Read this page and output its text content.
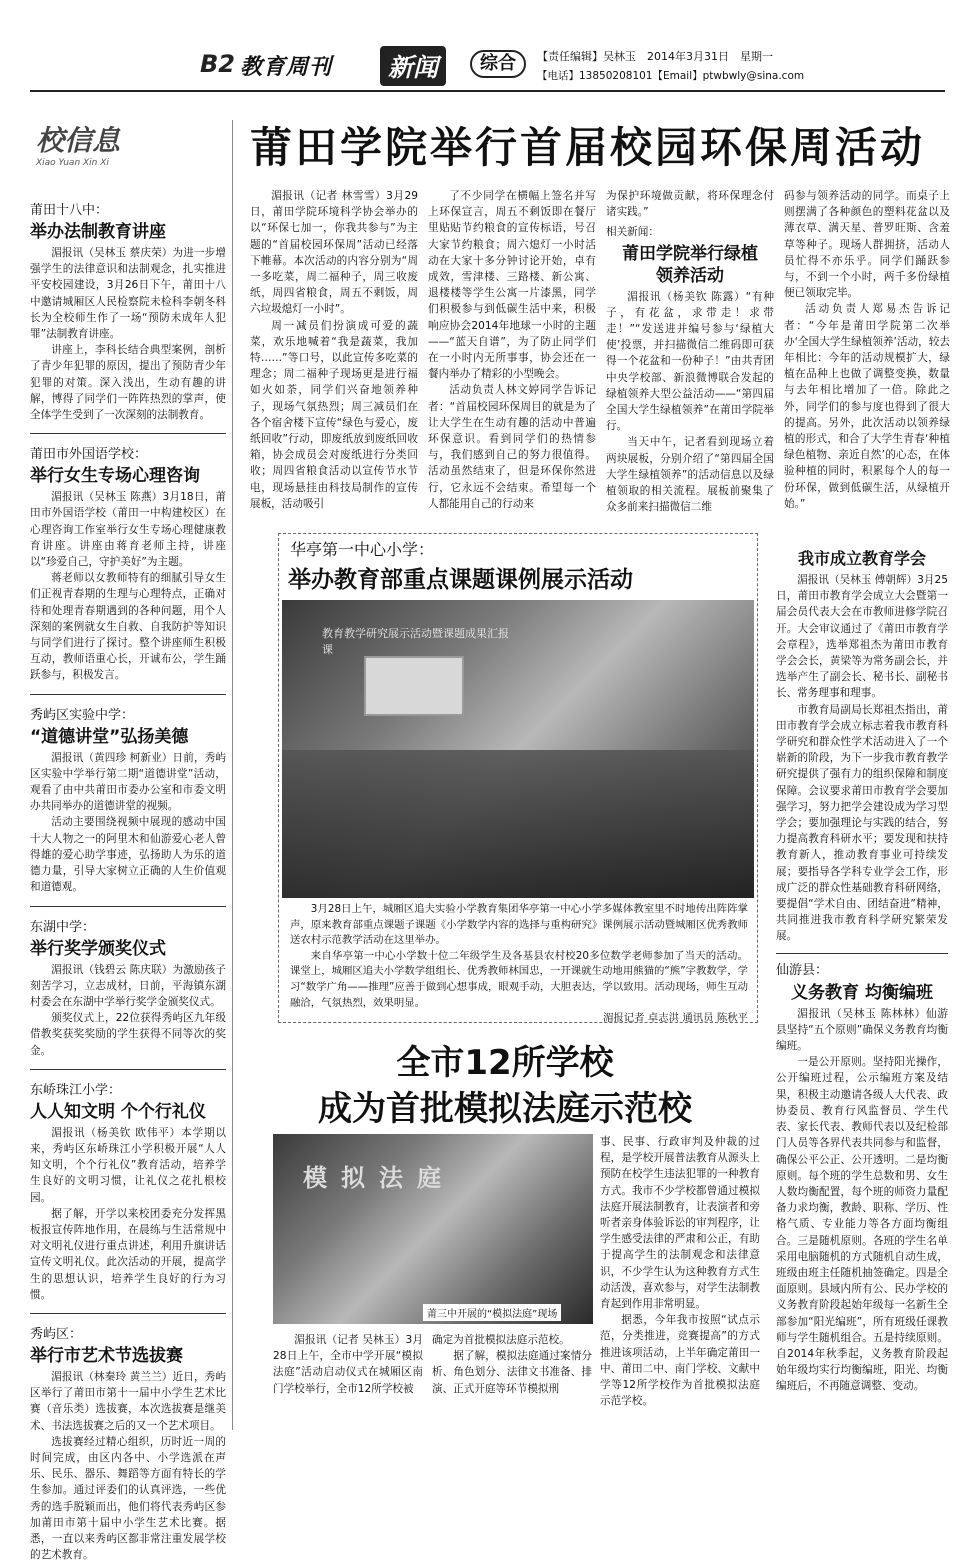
B2 教育周刊	新闻	综合	【责任编辑】吴林玉　2014年3月31日　星期一
【电话】13850208101【Email】ptwbwly@sina.com
校信息
Xiao Yuan Xin Xi
莆田十八中：
举办法制教育讲座

湄报讯（吴林玉 蔡庆荣）为进一步增强学生的法律意识和法制观念，扎实推进平安校园建设，3月26日下午，莆田十八中邀请城厢区人民检察院未检科李朝冬科长为全校师生作了一场“预防未成年人犯罪”法制教育讲座。

讲座上，李科长结合典型案例，剖析了青少年犯罪的原因，提出了预防青少年犯罪的对策。深入浅出，生动有趣的讲解，博得了同学们一阵阵热烈的掌声，使全体学生受到了一次深刻的法制教育。

莆田市外国语学校：
举行女生专场心理咨询

湄报讯（吴林玉 陈燕）3月18日，莆田市外国语学校（莆田一中构建校区）在心理咨询工作室举行女生专场心理健康教育讲座。讲座由蒋育老师主持，讲座以“珍爱自己，守护美好”为主题。

蒋老师以女教师特有的细腻引导女生们正视青春期的生理与心理特点，正确对待和处理青春期遇到的各种问题，用个人深刻的案例就女生自救、自我防护等知识与同学们进行了探讨。整个讲座师生积极互动，教师语重心长，开诚布公，学生踊跃参与，积极发言。

秀屿区实验中学：
“道德讲堂”弘扬美德

湄报讯（黄四珍 柯新业）日前，秀屿区实验中学举行第二期“道德讲堂”活动，观看了由中共莆田市委办公室和市委文明办共同举办的道德讲堂的视频。

活动主要围绕视频中展现的感动中国十大人物之一的阿里木和仙游爱心老人曾得雄的爱心助学事迹，弘扬助人为乐的道德力量，引导大家树立正确的人生价值观和道德观。

东湖中学：
举行奖学颁奖仪式

湄报讯（钱碧云 陈庆联）为激励孩子刻苦学习，立志成材，日前，平海镇东湖村委会在东湖中学举行奖学金颁奖仪式。

颁奖仪式上，22位获得秀屿区九年级借教奖获奖奖励的学生获得不同等次的奖金。

东峤珠江小学：
人人知文明 个个行礼仪

湄报讯（杨美钦 欧伟平）本学期以来，秀屿区东峤珠江小学积极开展“人人知文明，个个行礼仪”教育活动，培养学生良好的文明习惯，让礼仪之花扎根校园。

据了解，开学以来校团委充分发挥黑板报宣传阵地作用，在晨练与生活常规中对文明礼仪进行重点讲述，利用升旗讲话宣传文明礼仪。此次活动的开展，提高学生的思想认识，培养学生良好的行为习惯。

秀屿区：
举行市艺术节选拔赛

湄报讯（林秦玲 黄兰兰）近日，秀屿区举行了莆田市第十一届中小学生艺术比赛（音乐类）选拔赛，本次选拔赛是继美术、书法选拔赛之后的又一个艺术项目。

选拔赛经过精心组织，历时近一周的时间完成，由区内各中、小学选派在声乐、民乐、器乐、舞蹈等方面有特长的学生参加。通过评委们的认真评选，一些优秀的选手脱颖而出，他们将代表秀屿区参加莆田市第十届中小学生艺术比赛。据悉，一直以来秀屿区都非常注重发展学校的艺术教育。

莆田学院举行首届校园环保周活动

湄报讯（记者 林雪雪）3月29日，莆田学院环境科学协会举办的以“环保七加一，你我共参与”为主题的“首届校园环保周”活动已经落下帷幕。本次活动的内容分别为“周一多吃菜，周二福种子，周三收废纸，周四省粮食，周五不剩饭，周六垃圾熄灯一小时”。

周一减员们扮演成可爱的蔬菜，欢乐地喊着“我是蔬菜，我加特……”等口号，以此宣传多吃菜的理念；周二福种子现场更是进行福如火如荼，同学们兴奋地领养种子，现场气氛热烈；周三减员们在各个宿舍楼下宣传“绿色与爱心，废纸回收”行动，即废纸放到废纸回收箱，协会成员会对废纸进行分类回收；周四省粮食活动以宣传节水节电，现场悬挂由科技局制作的宣传展板，活动吸引

了不少同学在横幅上签名并写上环保宣言，周五不剩饭即在餐厅里贴贴节约粮食的宣传标语，号召大家节约粮食；周六熄灯一小时活动在大家十多分钟讨论开始，卓有成效，雪津楼、三路楼、新公寓、退楼楼等学生公寓一片漆黑，同学们积极参与到低碳生活中来，积极响应协会2014年地球一小时的主题——“蓝天自谱”，为了防止同学们在一小时内无所事事，协会还在一餐内举办了精彩的小型晚会。

活动负责人林文婷同学告诉记者：“首届校园环保周目的就是为了让大学生在生动有趣的活动中普遍环保意识。看到同学们的热情参与，我们感到自己的努力很值得。活动虽然结束了，但是环保你然进行，它永远不会结束。希望每一个人都能用自己的行动来

为保护环境做贡献，将环保理念付诸实践。”

相关新闻：

莆田学院举行绿植领养活动

湄报讯（杨美钦 陈露）“有种子，有花盆，求带走！求带走！”“发送进并编号参与‘绿植大使’投票，并扫描微信二维码即可获得一个花盆和一份种子！”由共青团中央学校部、新浪微博联合发起的绿植领养大型公益活动——“第四届全国大学生绿植领养”在莆田学院举行。

当天中午，记者看到现场立着两块展板，分别介绍了“第四届全国大学生绿植领养”的活动信息以及绿植领取的相关流程。展板前聚集了众多前来扫描微信二维

码参与领养活动的同学。而桌子上则摆满了各种颜色的塑料花盆以及薄衣草、满天星、普罗旺斯、含羞草等种子。现场人群拥挤，活动人员忙得不亦乐乎。同学们踊跃参与，不到一个小时，两千多份绿植便已领取完毕。

活动负责人郑易杰告诉记者：“今年是莆田学院第二次举办‘全国大学生绿植领养’活动，较去年相比：今年的活动规模扩大，绿植在品种上也做了调整变换，数量与去年相比增加了一倍。除此之外，同学们的参与度也得到了很大的提高。另外，此次活动以领养绿植的形式，和合了大学生青春‘种植绿色植物、亲近自然’的心态，在体验种植的同时，积累每个人的每一份环保，做到低碳生活，从绿植开始。”

华亭第一中心小学：
举办教育部重点课题课例展示活动
教育教学研究展示活动暨课题成果汇报课

3月28日上午，城厢区追夫实验小学教育集团华亭第一中心小学多媒体教室里不时地传出阵阵掌声，原来教育部重点课题子课题《小学数学内容的选择与重构研究》课例展示活动暨城厢区优秀教师送农村示范教学活动在这里举办。

来自华亭第一中心小学数十位二年级学生及各基县农村校20多位数学老师参加了当天的活动。课堂上，城厢区追夫小学数学组组长、优秀教师林国忠，一开课就生动地用熊猫的“熊”字教数学，学习“数学广角——推理”应善于做到心想事成，眼观手动，大胆表达，学以致用。活动现场，师生互动融洽，气氛热烈，效果明显。

湄报记者 卓志洪 通讯员 陈秋平

我市成立教育学会

湄报讯（吴林玉 傅朝辉）3月25日，莆田市教育学会成立大会暨第一届会员代表大会在市教师进修学院召开。大会审议通过了《莆田市教育学会章程》，选举郑祖杰为莆田市教育学会会长，黄梁等为常务副会长，并选举产生了副会长、秘书长、副秘书长、常务理事和理事。

市教育局副局长郑祖杰指出，莆田市教育学会成立标志着我市教育科学研究和群众性学术活动进入了一个崭新的阶段，为下一步我市教育教学研究提供了强有力的组织保障和制度保障。会议要求莆田市教育学会要加强学习，努力把学会建设成为学习型学会；要加强理论与实践的结合，努力提高教育科研水平；要发现和扶持教育新人，推动教育事业可持续发展；要指导各学科专业学会工作，形成广泛的群众性基础教育科研网络，要提倡“学术自由、团结奋进”精神，共同推进我市教育科学研究繁荣发展。

仙游县：
义务教育 均衡编班

湄报讯（吴林玉 陈林林）仙游县坚持“五个原则”确保义务教育均衡编班。

一是公开原则。坚持阳光操作，公开编班过程，公示编班方案及结果，积极主动邀请各级人大代表、政协委员、教育行风监督员、学生代表、家长代表、教师代表以及纪检部门人员等各界代表共同参与和监督，确保公平公正、公开透明。二是均衡原则。每个班的学生总数和男、女生人数均衡配置，每个班的师资力量配备力求均衡，教龄、职称、学历、性格气质、专业能力等各方面均衡组合。三是随机原则。各班的学生名单采用电脑随机的方式随机自动生成，班级由班主任随机抽签确定。四是全面原则。县域内所有公、民办学校的义务教育阶段起始年级每一名新生全部参加“阳光编班”，所有班级任课教师与学生随机组合。五是持续原则。自2014年秋季起，义务教育阶段起始年级均实行均衡编班，阳光、均衡编班后，不再随意调整、变动。

全市12所学校
成为首批模拟法庭示范校
模拟法庭
莆三中开展的“模拟法庭”现场

事、民事、行政审判及仲裁的过程，是学校开展普法教育从源头上预防在校学生违法犯罪的一种教育方式。我市不少学校都曾通过模拟法庭开展法制教育，让表演者和旁听者亲身体验诉讼的审判程序，让学生感受法律的严肃和公正，有助于提高学生的法制观念和法律意识，不少学生认为这种教育方式生动活泼，喜欢参与，对学生法制教育起到作用非常明显。

据悉，今年我市按照“试点示范，分类推进，竞赛提高”的方式推进该项活动，上半年确定莆田一中、莆田二中、南门学校、文献中学等12所学校作为首批模拟法庭示范学校。

湄报讯（记者 吴林玉）3月28日上午，全市中学开展“模拟法庭”活动启动仪式在城厢区南门学校举行，全市12所学校被

确定为首批模拟法庭示范校。

据了解，模拟法庭通过案情分析、角色划分、法律文书准备、排演、正式开庭等环节模拟刑
